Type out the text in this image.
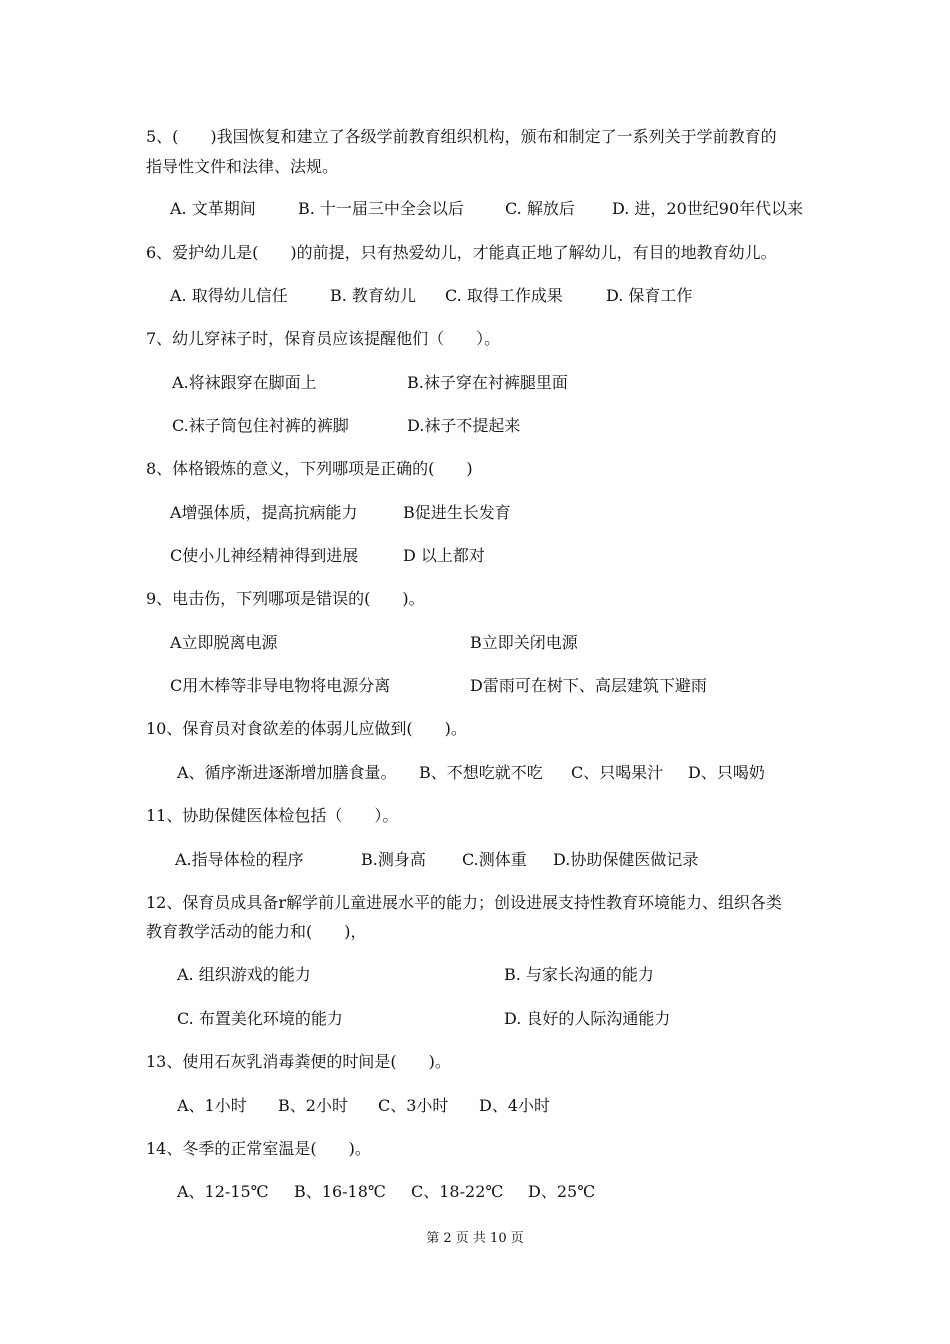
5、(　　)我国恢复和建立了各级学前教育组织机构，颁布和制定了一系列关于学前教育的
指导性文件和法律、法规。
A. 文革期间	B. 十一届三中全会以后	C. 解放后 D. 进，20世纪90年代以来
6、爱护幼儿是(　　)的前提，只有热爱幼儿，才能真正地了解幼儿，有目的地教育幼儿。
A. 取得幼儿信任	B. 教育幼儿 C. 取得工作成果	D. 保育工作
7、幼儿穿袜子时，保育员应该提醒他们（　　）。
A.将袜跟穿在脚面上	B.袜子穿在衬裤腿里面
C.袜子筒包住衬裤的裤脚	D.袜子不提起来
8、体格锻炼的意义，下列哪项是正确的(　　)
A增强体质，提高抗病能力	B促进生长发育
C使小儿神经精神得到进展	D 以上都对
9、电击伤，下列哪项是错误的(　　)。
A立即脱离电源	B立即关闭电源
C用木棒等非导电物将电源分离	D雷雨可在树下、高层建筑下避雨
10、保育员对食欲差的体弱儿应做到(　　)。
A、循序渐进逐渐增加膳食量。 B、不想吃就不吃 C、只喝果汁 D、只喝奶
11、协助保健医体检包括（　　）。
A.指导体检的程序	B.测身高 C.测体重 D.协助保健医做记录
12、保育员成具备r解学前儿童进展水平的能力；创设进展支持性教育环境能力、组织各类
教育教学活动的能力和(　　)，
A. 组织游戏的能力	B. 与家长沟通的能力
C. 布置美化环境的能力	D. 良好的人际沟通能力
13、使用石灰乳消毒粪便的时间是(　　)。
A、1小时 B、2小时 C、3小时 D、4小时
14、冬季的正常室温是(　　)。
A、12-15℃ B、16-18℃ C、18-22℃ D、25℃
第 2 页 共 10 页
